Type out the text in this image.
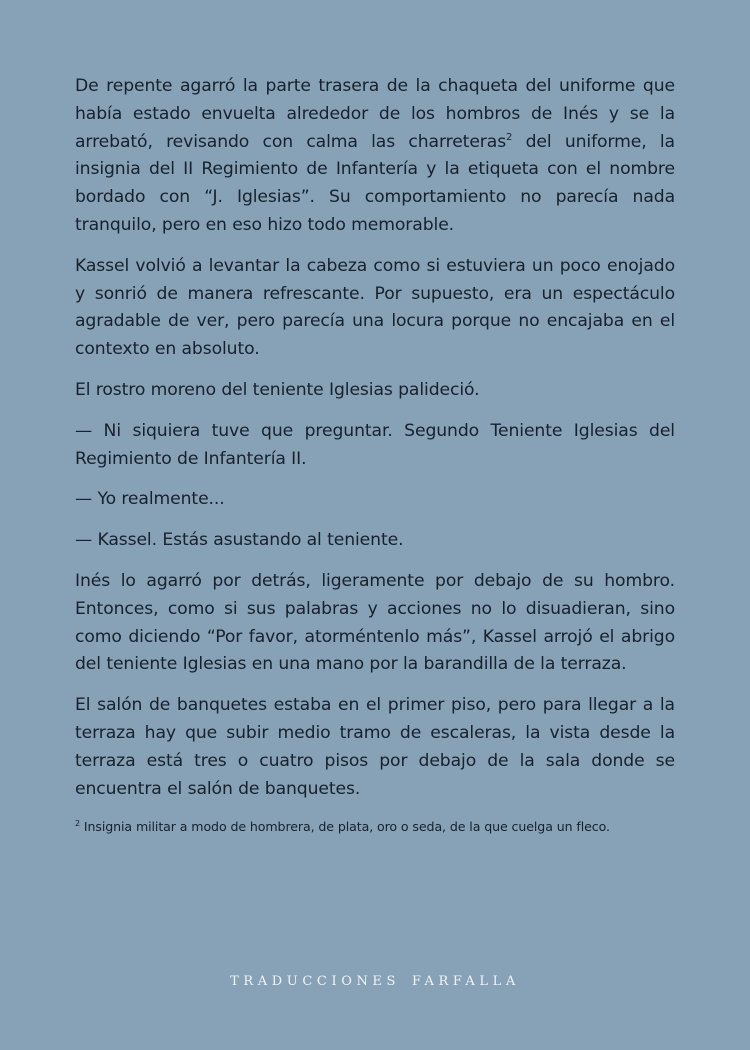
De repente agarró la parte trasera de la chaqueta del uniforme que había estado envuelta alrededor de los hombros de Inés y se la arrebató, revisando con calma las charreteras$^2$ del uniforme, la insignia del II Regimiento de Infantería y la etiqueta con el nombre bordado con “J. Iglesias”. Su comportamiento no parecía nada tranquilo, pero en eso hizo todo memorable.

Kassel volvió a levantar la cabeza como si estuviera un poco enojado y sonrió de manera refrescante. Por supuesto, era un espectáculo agradable de ver, pero parecía una locura porque no encajaba en el contexto en absoluto.

El rostro moreno del teniente Iglesias palideció.

— Ni siquiera tuve que preguntar. Segundo Teniente Iglesias del Regimiento de Infantería II.

— Yo realmente...

— Kassel. Estás asustando al teniente.

Inés lo agarró por detrás, ligeramente por debajo de su hombro. Entonces, como si sus palabras y acciones no lo disuadieran, sino como diciendo “Por favor, atorméntenlo más”, Kassel arrojó el abrigo del teniente Iglesias en una mano por la barandilla de la terraza.

El salón de banquetes estaba en el primer piso, pero para llegar a la terraza hay que subir medio tramo de escaleras, la vista desde la terraza está tres o cuatro pisos por debajo de la sala donde se encuentra el salón de banquetes.

$^2$ Insignia militar a modo de hombrera, de plata, oro o seda, de la que cuelga un fleco.
TRADUCCIONES FARFALLA
